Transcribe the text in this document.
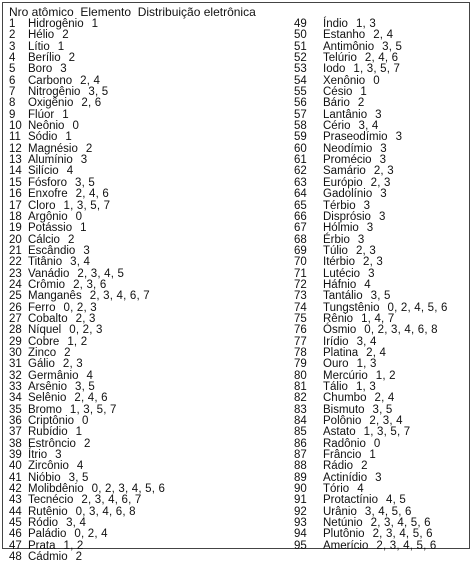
Nro atômico  Elemento  Distribuição eletrônica
1 Hidrogênio 1
2 Hélio 2
3 Lítio 1
4 Berílio 2
5 Boro 3
6 Carbono 2, 4
7 Nitrogênio 3, 5
8 Oxigênio 2, 6
9 Flúor 1
10 Neônio 0
11 Sódio 1
12 Magnésio 2
13 Alumínio 3
14 Silício 4
15 Fósforo 3, 5
16 Enxofre 2, 4, 6
17 Cloro 1, 3, 5, 7
18 Argônio 0
19 Potássio 1
20 Cálcio 2
21 Escândio 3
22 Titânio 3, 4
23 Vanádio 2, 3, 4, 5
24 Crômio 2, 3, 6
25 Manganês 2, 3, 4, 6, 7
26 Ferro 0, 2, 3
27 Cobalto 2, 3
28 Níquel 0, 2, 3
29 Cobre 1, 2
30 Zinco 2
31 Gálio 2, 3
32 Germânio 4
33 Arsênio 3, 5
34 Selênio 2, 4, 6
35 Bromo 1, 3, 5, 7
36 Criptônio 0
37 Rubídio 1
38 Estrôncio 2
39 Ítrio 3
40 Zircônio 4
41 Nióbio 3, 5
42 Molibdênio 0, 2, 3, 4, 5, 6
43 Tecnécio 2, 3, 4, 6, 7
44 Rutênio 0, 3, 4, 6, 8
45 Ródio 3, 4
46 Paládio 0, 2, 4
47 Prata 1, 2
48 Cádmio 2
49 Índio 1, 3
50 Estanho 2, 4
51 Antimônio 3, 5
52 Telúrio 2, 4, 6
53 Iodo 1, 3, 5, 7
54 Xenônio 0
55 Césio 1
56 Bário 2
57 Lantânio 3
58 Cério 3, 4
59 Praseodímio 3
60 Neodímio 3
61 Promécio 3
62 Samário 2, 3
63 Európio 2, 3
64 Gadolínio 3
65 Térbio 3
66 Disprósio 3
67 Hólmio 3
68 Érbio 3
69 Túlio 2, 3
70 Itérbio 2, 3
71 Lutécio 3
72 Háfnio 4
73 Tantálio 3, 5
74 Tungstênio 0, 2, 4, 5, 6
75 Rênio 1, 4, 7
76 Ósmio 0, 2, 3, 4, 6, 8
77 Irídio 3, 4
78 Platina 2, 4
79 Ouro 1, 3
80 Mercúrio 1, 2
81 Tálio 1, 3
82 Chumbo 2, 4
83 Bismuto 3, 5
84 Polônio 2, 3, 4
85 Astato 1, 3, 5, 7
86 Radônio 0
87 Frâncio 1
88 Rádio 2
89 Actinídio 3
90 Tório 4
91 Protactínio 4, 5
92 Urânio 3, 4, 5, 6
93 Netúnio 2, 3, 4, 5, 6
94 Plutônio 2, 3, 4, 5, 6
95 Amerício 2, 3, 4, 5, 6
